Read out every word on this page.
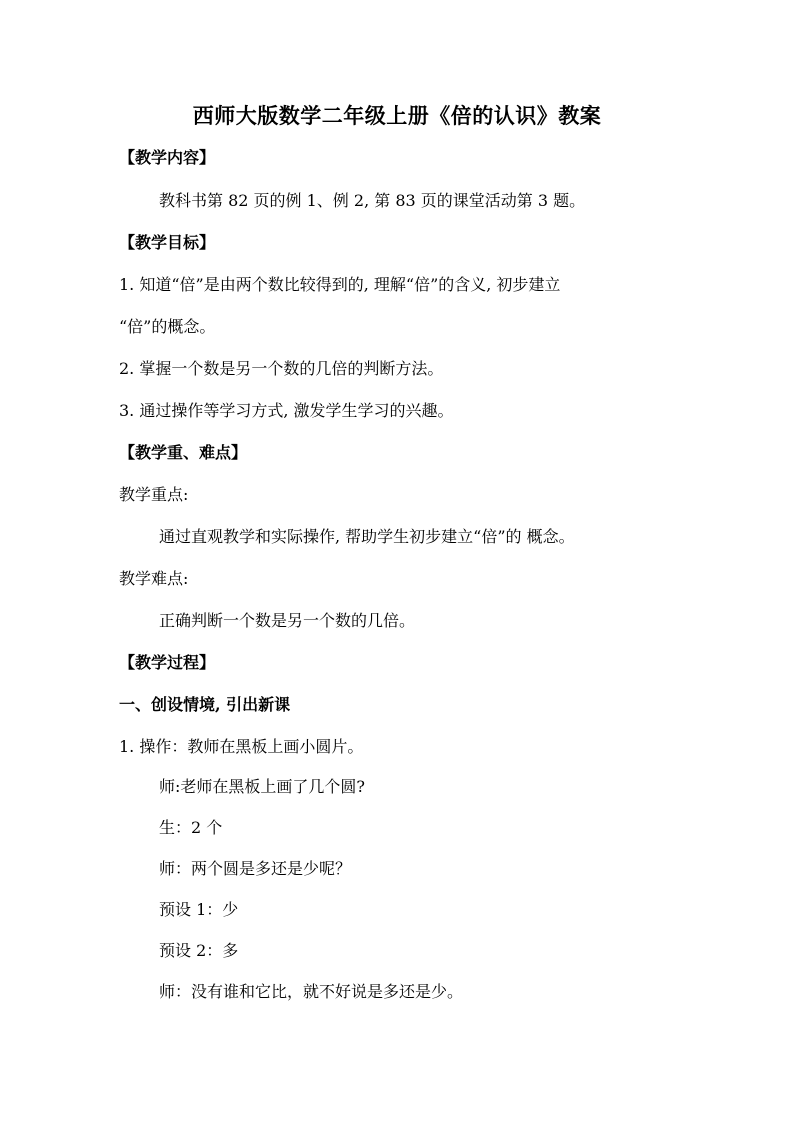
西师大版数学二年级上册《倍的认识》教案
【教学内容】
教科书第 82 页的例 1、例 2, 第 83 页的课堂活动第 3 题。
【教学目标】
1. 知道“倍”是由两个数比较得到的, 理解“倍”的含义, 初步建立
“倍”的概念。
2. 掌握一个数是另一个数的几倍的判断方法。
3. 通过操作等学习方式, 激发学生学习的兴趣。
【教学重、难点】
教学重点:
通过直观教学和实际操作, 帮助学生初步建立“倍”的 概念。
教学难点:
正确判断一个数是另一个数的几倍。
【教学过程】
一、创设情境, 引出新课
1. 操作：教师在黑板上画小圆片。
师:老师在黑板上画了几个圆?
生：2 个
师：两个圆是多还是少呢？
预设 1：少
预设 2：多
师：没有谁和它比，就不好说是多还是少。
